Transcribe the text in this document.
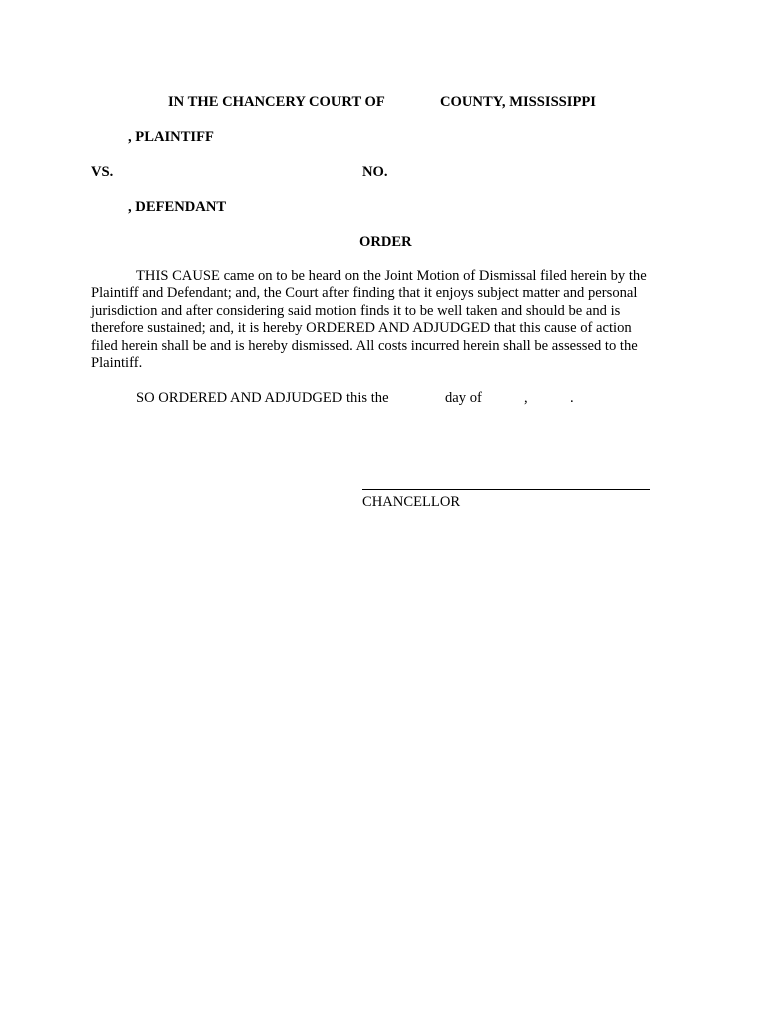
IN THE CHANCERY COURT OF	COUNTY, MISSISSIPPI
, PLAINTIFF
VS.	NO.
, DEFENDANT
ORDER
THIS CAUSE came on to be heard on the Joint Motion of Dismissal filed herein by the
Plaintiff and Defendant; and, the Court after finding that it enjoys subject matter and personal
jurisdiction and after considering said motion finds it to be well taken and should be and is
therefore sustained; and, it is hereby ORDERED AND ADJUDGED that this cause of action
filed herein shall be and is hereby dismissed. All costs incurred herein shall be assessed to the
Plaintiff.
SO ORDERED AND ADJUDGED this the	day of	,	.
CHANCELLOR
